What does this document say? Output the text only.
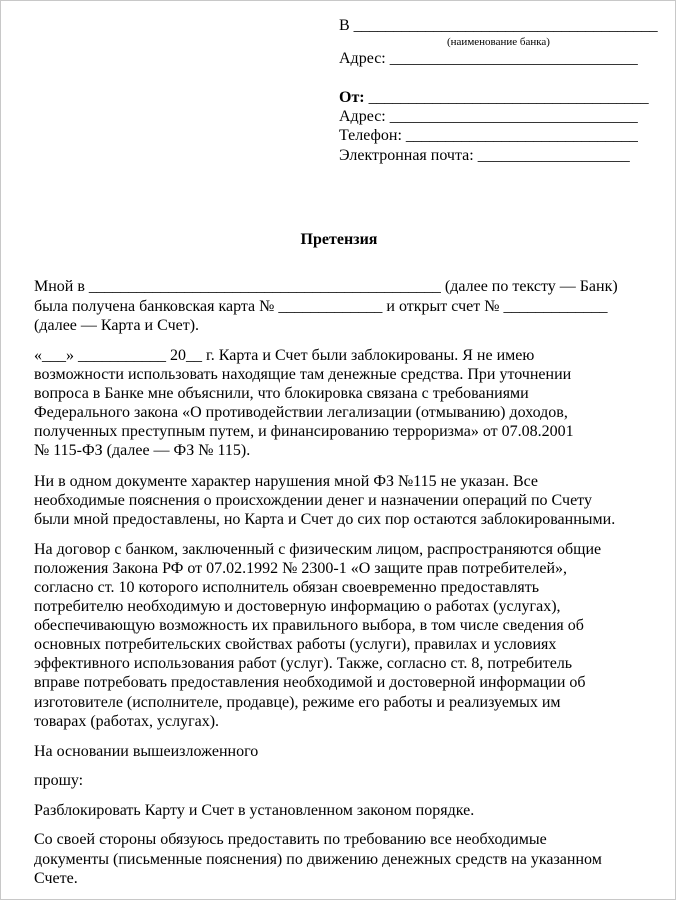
В ______________________________________
(наименование банка)
Адрес: _______________________________
От: ___________________________________
Адрес: _______________________________
Телефон: _____________________________
Электронная почта: ___________________
Претензия
Мной в ____________________________________________ (далее по тексту — Банк)
была получена банковская карта № _____________ и открыт счет № _____________
(далее — Карта и Счет).
«___» ___________ 20__ г. Карта и Счет были заблокированы. Я не имею
возможности использовать находящие там денежные средства. При уточнении
вопроса в Банке мне объяснили, что блокировка связана с требованиями
Федерального закона «О противодействии легализации (отмыванию) доходов,
полученных преступным путем, и финансированию терроризма» от 07.08.2001
№ 115-ФЗ (далее — ФЗ № 115).
Ни в одном документе характер нарушения мной ФЗ №115 не указан. Все
необходимые пояснения о происхождении денег и назначении операций по Счету
были мной предоставлены, но Карта и Счет до сих пор остаются заблокированными.
На договор с банком, заключенный с физическим лицом, распространяются общие
положения Закона РФ от 07.02.1992 № 2300-1 «О защите прав потребителей»,
согласно ст. 10 которого исполнитель обязан своевременно предоставлять
потребителю необходимую и достоверную информацию о работах (услугах),
обеспечивающую возможность их правильного выбора, в том числе сведения об
основных потребительских свойствах работы (услуги), правилах и условиях
эффективного использования работ (услуг). Также, согласно ст. 8, потребитель
вправе потребовать предоставления необходимой и достоверной информации об
изготовителе (исполнителе, продавце), режиме его работы и реализуемых им
товарах (работах, услугах).
На основании вышеизложенного
прошу:
Разблокировать Карту и Счет в установленном законом порядке.
Со своей стороны обязуюсь предоставить по требованию все необходимые
документы (письменные пояснения) по движению денежных средств на указанном
Счете.
